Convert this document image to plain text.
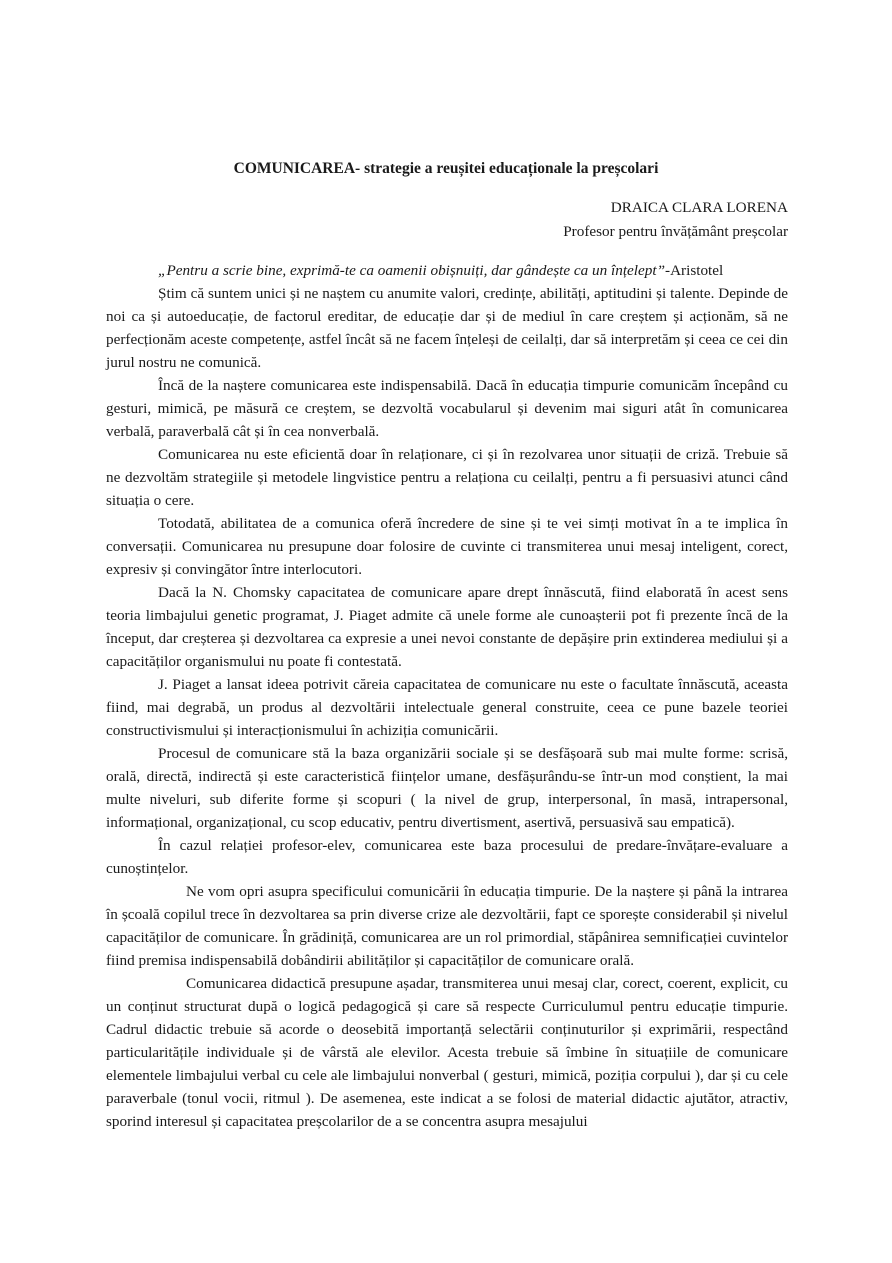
COMUNICAREA- strategie a reușitei educaționale la preșcolari
DRAICA CLARA LORENA
Profesor pentru învățământ preșcolar

„Pentru a scrie bine, exprimă-te ca oamenii obișnuiți, dar gândește ca un înțelept”-Aristotel

Știm că suntem unici și ne naștem cu anumite valori, credințe, abilități, aptitudini și talente. Depinde de noi ca și autoeducație, de factorul ereditar, de educație dar și de mediul în care creștem și acționăm, să ne perfecționăm aceste competențe, astfel încât să ne facem înțeleși de ceilalți, dar să interpretăm și ceea ce cei din jurul nostru ne comunică.

Încă de la naștere comunicarea este indispensabilă. Dacă în educația timpurie comunicăm începând cu gesturi, mimică, pe măsură ce creștem, se dezvoltă vocabularul și devenim mai siguri atât în comunicarea verbală, paraverbală cât și în cea nonverbală.

Comunicarea nu este eficientă doar în relaționare, ci și în rezolvarea unor situații de criză. Trebuie să ne dezvoltăm strategiile și metodele lingvistice pentru a relaționa cu ceilalți, pentru a fi persuasivi atunci când situația o cere.

Totodată, abilitatea de a comunica oferă încredere de sine și te vei simți motivat în a te implica în conversații. Comunicarea nu presupune doar folosire de cuvinte ci transmiterea unui mesaj inteligent, corect, expresiv și convingător între interlocutori.

Dacă la N. Chomsky capacitatea de comunicare apare drept înnăscută, fiind elaborată în acest sens teoria limbajului genetic programat, J. Piaget admite că unele forme ale cunoașterii pot fi prezente încă de la început, dar creșterea și dezvoltarea ca expresie a unei nevoi constante de depășire prin extinderea mediului și a capacităților organismului nu poate fi contestată.

J. Piaget a lansat ideea potrivit căreia capacitatea de comunicare nu este o facultate înnăscută, aceasta fiind, mai degrabă, un produs al dezvoltării intelectuale general construite, ceea ce pune bazele teoriei constructivismului și interacționismului în achiziția comunicării.

Procesul de comunicare stă la baza organizării sociale și se desfășoară sub mai multe forme: scrisă, orală, directă, indirectă și este caracteristică ființelor umane, desfășurându-se într-un mod conștient, la mai multe niveluri, sub diferite forme și scopuri ( la nivel de grup, interpersonal, în masă, intrapersonal, informațional, organizațional, cu scop educativ, pentru divertisment, asertivă, persuasivă sau empatică).

În cazul relației profesor-elev, comunicarea este baza procesului de predare-învățare-evaluare a cunoștințelor.

Ne vom opri asupra specificului comunicării în educația timpurie. De la naștere și până la intrarea în școală copilul trece în dezvoltarea sa prin diverse crize ale dezvoltării, fapt ce sporește considerabil și nivelul capacităților de comunicare. În grădiniță, comunicarea are un rol primordial, stăpânirea semnificației cuvintelor fiind premisa indispensabilă dobândirii abilităților și capacităților de comunicare orală.

Comunicarea didactică presupune așadar, transmiterea unui mesaj clar, corect, coerent, explicit, cu un conținut structurat după o logică pedagogică și care să respecte Curriculumul pentru educație timpurie. Cadrul didactic trebuie să acorde o deosebită importanță selectării conținuturilor și exprimării, respectând particularitățile individuale și de vârstă ale elevilor. Acesta trebuie să îmbine în situațiile de comunicare elementele limbajului verbal cu cele ale limbajului nonverbal ( gesturi, mimică, poziția corpului ), dar și cu cele paraverbale (tonul vocii, ritmul ). De asemenea, este indicat a se folosi de material didactic ajutător, atractiv, sporind interesul și capacitatea preșcolarilor de a se concentra asupra mesajului
